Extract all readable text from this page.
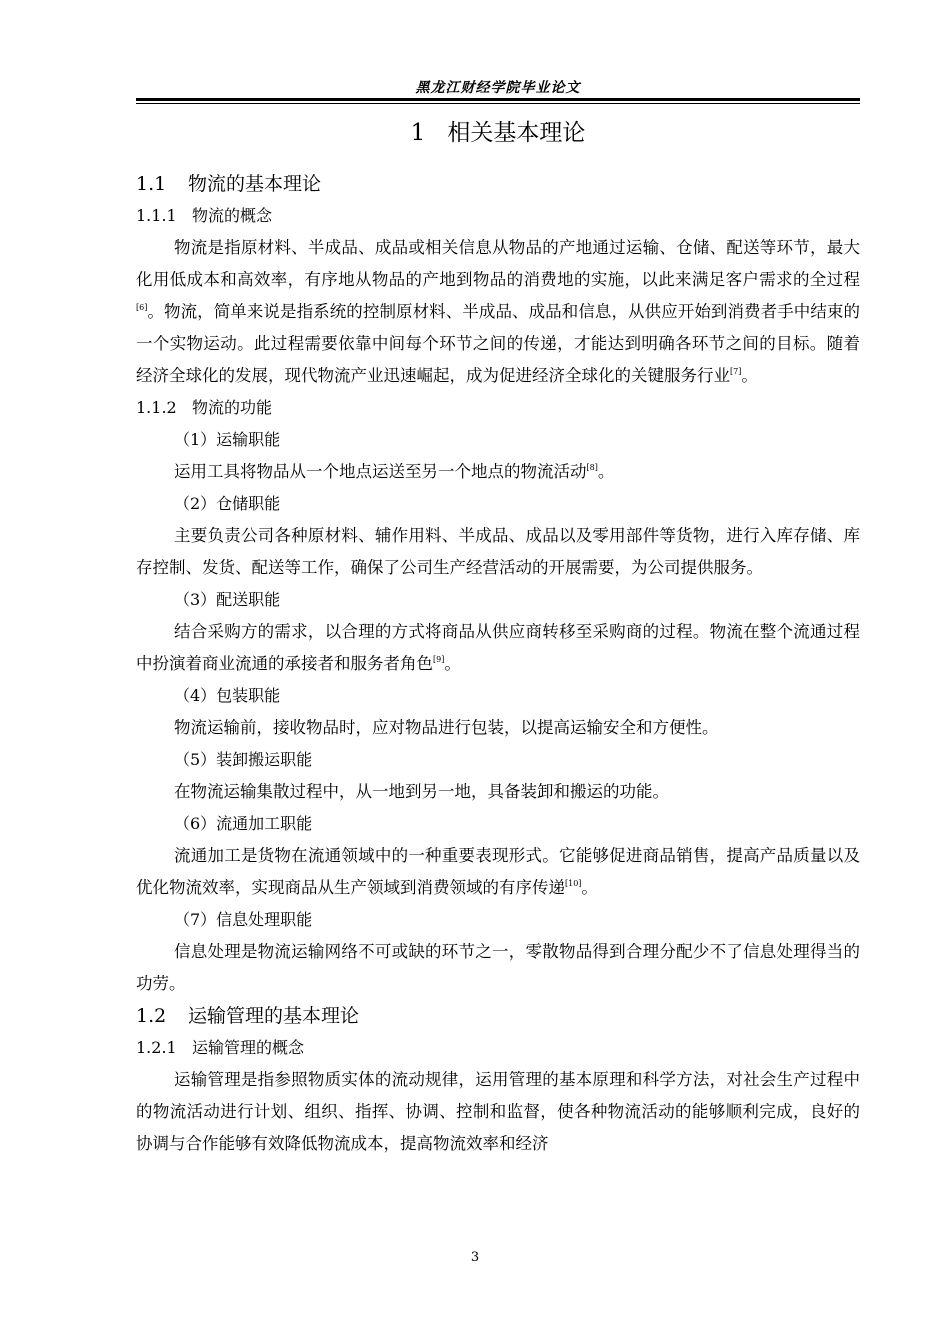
黑龙江财经学院毕业论文
1 相关基本理论
1.1 物流的基本理论
1.1.1 物流的概念

物流是指原材料、半成品、成品或相关信息从物品的产地通过运输、仓储、配送等环节，最大化用低成本和高效率，有序地从物品的产地到物品的消费地的实施，以此来满足客户需求的全过程[6]。物流，简单来说是指系统的控制原材料、半成品、成品和信息，从供应开始到消费者手中结束的一个实物运动。此过程需要依靠中间每个环节之间的传递，才能达到明确各环节之间的目标。随着经济全球化的发展，现代物流产业迅速崛起，成为促进经济全球化的关键服务行业[7]。

1.1.2 物流的功能

（1）运输职能

运用工具将物品从一个地点运送至另一个地点的物流活动[8]。

（2）仓储职能

主要负责公司各种原材料、辅作用料、半成品、成品以及零用部件等货物，进行入库存储、库存控制、发货、配送等工作，确保了公司生产经营活动的开展需要，为公司提供服务。

（3）配送职能

结合采购方的需求，以合理的方式将商品从供应商转移至采购商的过程。物流在整个流通过程中扮演着商业流通的承接者和服务者角色[9]。

（4）包装职能

物流运输前，接收物品时，应对物品进行包装，以提高运输安全和方便性。

（5）装卸搬运职能

在物流运输集散过程中，从一地到另一地，具备装卸和搬运的功能。

（6）流通加工职能

流通加工是货物在流通领域中的一种重要表现形式。它能够促进商品销售，提高产品质量以及优化物流效率，实现商品从生产领域到消费领域的有序传递[10]。

（7）信息处理职能

信息处理是物流运输网络不可或缺的环节之一，零散物品得到合理分配少不了信息处理得当的功劳。

1.2 运输管理的基本理论
1.2.1 运输管理的概念

运输管理是指参照物质实体的流动规律，运用管理的基本原理和科学方法，对社会生产过程中的物流活动进行计划、组织、指挥、协调、控制和监督，使各种物流活动的能够顺利完成，良好的协调与合作能够有效降低物流成本，提高物流效率和经济

3
